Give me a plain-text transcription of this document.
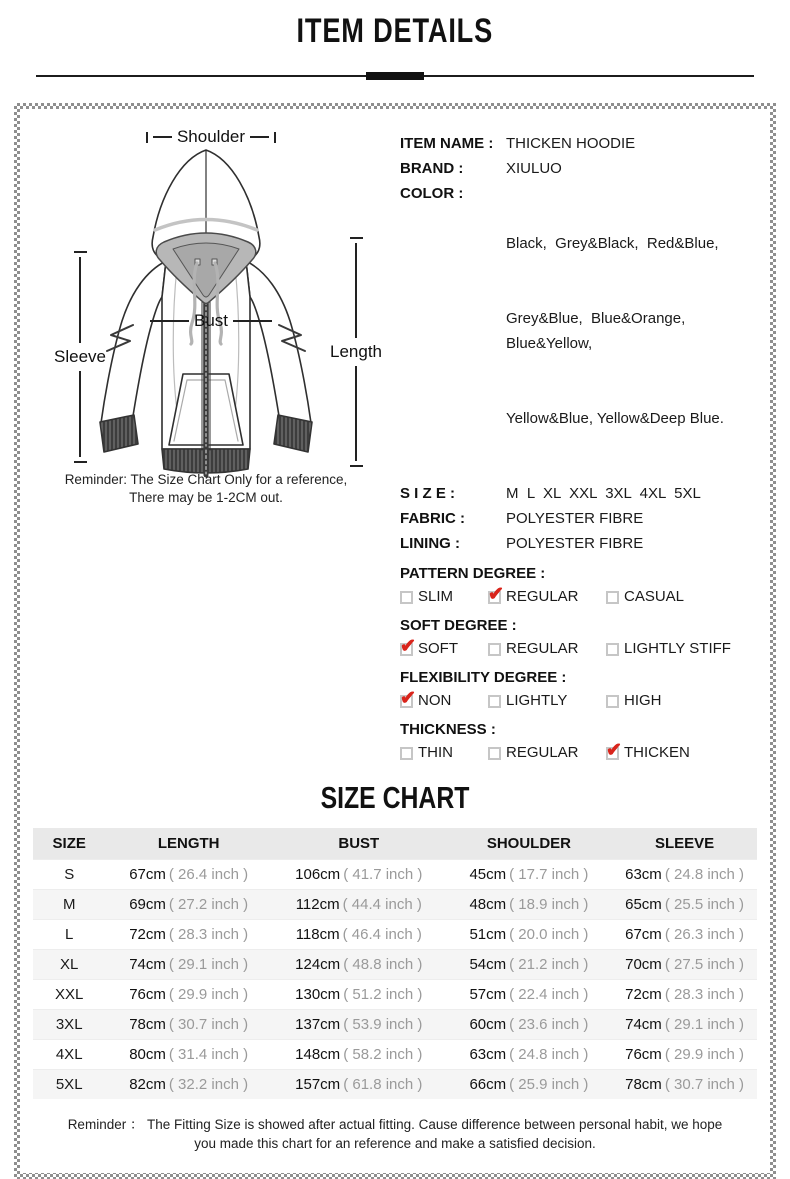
ITEM DETAILS
Shoulder
Sleeve	Length
Bust
Reminder: The Size Chart Only for a reference,
There may be 1-2CM out.
ITEM NAME : THICKEN HOODIE
BRAND :	XIULUO
COLOR :

Black,  Grey&Black,  Red&Blue,

Grey&Blue,  Blue&Orange, Blue&Yellow,

Yellow&Blue, Yellow&Deep Blue.

S I Z E :	M  L  XL  XXL  3XL  4XL  5XL
FABRIC :	POLYESTER FIBRE
LINING :	POLYESTER FIBRE
PATTERN DEGREE :
SLIM ✔	REGULAR	CASUAL
SOFT DEGREE :
✔
SOFT	REGULAR	LIGHTLY STIFF
FLEXIBILITY DEGREE :
✔
NON	LIGHTLY	HIGH
THICKNESS :
THIN	REGULAR ✔	THICKEN
SIZE CHART
SIZE	LENGTH	BUST	SHOULDER	SLEEVE
S	67cm ( 26.4 inch )	106cm ( 41.7 inch )	45cm ( 17.7 inch )	63cm ( 24.8 inch )
M	69cm ( 27.2 inch )	112cm ( 44.4 inch )	48cm ( 18.9 inch )	65cm ( 25.5 inch )
L	72cm ( 28.3 inch )	118cm ( 46.4 inch )	51cm ( 20.0 inch )	67cm ( 26.3 inch )
XL	74cm ( 29.1 inch )	124cm ( 48.8 inch )	54cm ( 21.2 inch )	70cm ( 27.5 inch )
XXL	76cm ( 29.9 inch )	130cm ( 51.2 inch )	57cm ( 22.4 inch )	72cm ( 28.3 inch )
3XL	78cm ( 30.7 inch )	137cm ( 53.9 inch )	60cm ( 23.6 inch )	74cm ( 29.1 inch )
4XL	80cm ( 31.4 inch )	148cm ( 58.2 inch )	63cm ( 24.8 inch )	76cm ( 29.9 inch )
5XL	82cm ( 32.2 inch )	157cm ( 61.8 inch )	66cm ( 25.9 inch )	78cm ( 30.7 inch )
Reminder ： The Fitting Size is showed after actual fitting. Cause difference between personal habit, we hope
you made this chart for an reference and make a satisfied decision.
